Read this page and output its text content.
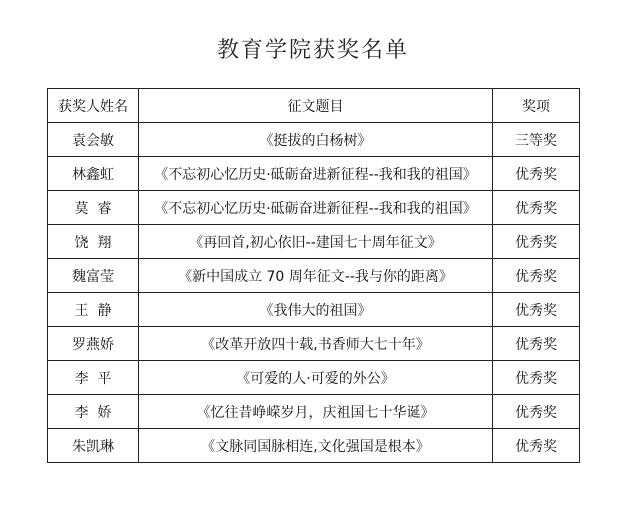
教育学院获奖名单
获奖人姓名	征文题目	奖项
袁会敏	《挺拔的白杨树》	三等奖
林鑫虹	《不忘初心忆历史·砥砺奋进新征程--我和我的祖国》	优秀奖
莫  睿	《不忘初心忆历史·砥砺奋进新征程--我和我的祖国》	优秀奖
饶  翔	《再回首,初心依旧--建国七十周年征文》	优秀奖
魏富莹	《新中国成立 70 周年征文--我与你的距离》	优秀奖
王  静	《我伟大的祖国》	优秀奖
罗燕娇	《改革开放四十载,书香师大七十年》	优秀奖
李  平	《可爱的人·可爱的外公》	优秀奖
李  娇	《忆往昔峥嵘岁月，庆祖国七十华诞》	优秀奖
朱凯琳	《文脉同国脉相连,文化强国是根本》	优秀奖
